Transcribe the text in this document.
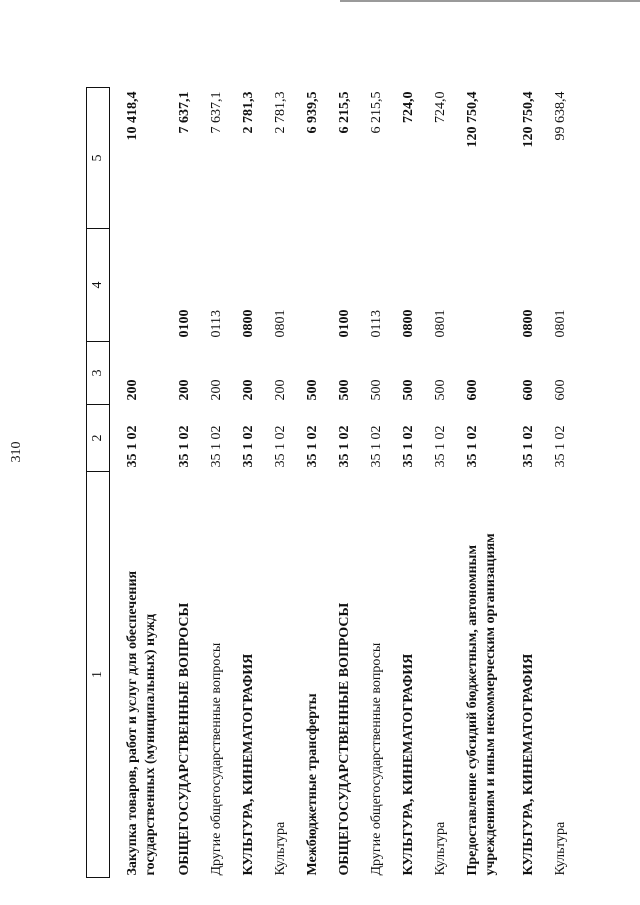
310
1	2	3	4	5

Закупка товаров, работ и услуг для обеспечения государственных (муниципальных) нужд	35 1 02	200		10 418,4
ОБЩЕГОСУДАРСТВЕННЫЕ ВОПРОСЫ	35 1 02	200	0100	7 637,1
Другие общегосударственные вопросы	35 1 02	200	0113	7 637,1
КУЛЬТУРА, КИНЕМАТОГРАФИЯ	35 1 02	200	0800	2 781,3
Культура	35 1 02	200	0801	2 781,3
Межбюджетные трансферты	35 1 02	500		6 939,5
ОБЩЕГОСУДАРСТВЕННЫЕ ВОПРОСЫ	35 1 02	500	0100	6 215,5
Другие общегосударственные вопросы	35 1 02	500	0113	6 215,5
КУЛЬТУРА, КИНЕМАТОГРАФИЯ	35 1 02	500	0800	724,0
Культура	35 1 02	500	0801	724,0
Предоставление субсидий бюджетным, автономным учреждениям и иным некоммерческим организациям	35 1 02	600		120 750,4
КУЛЬТУРА, КИНЕМАТОГРАФИЯ	35 1 02	600	0800	120 750,4
Культура	35 1 02	600	0801	99 638,4
